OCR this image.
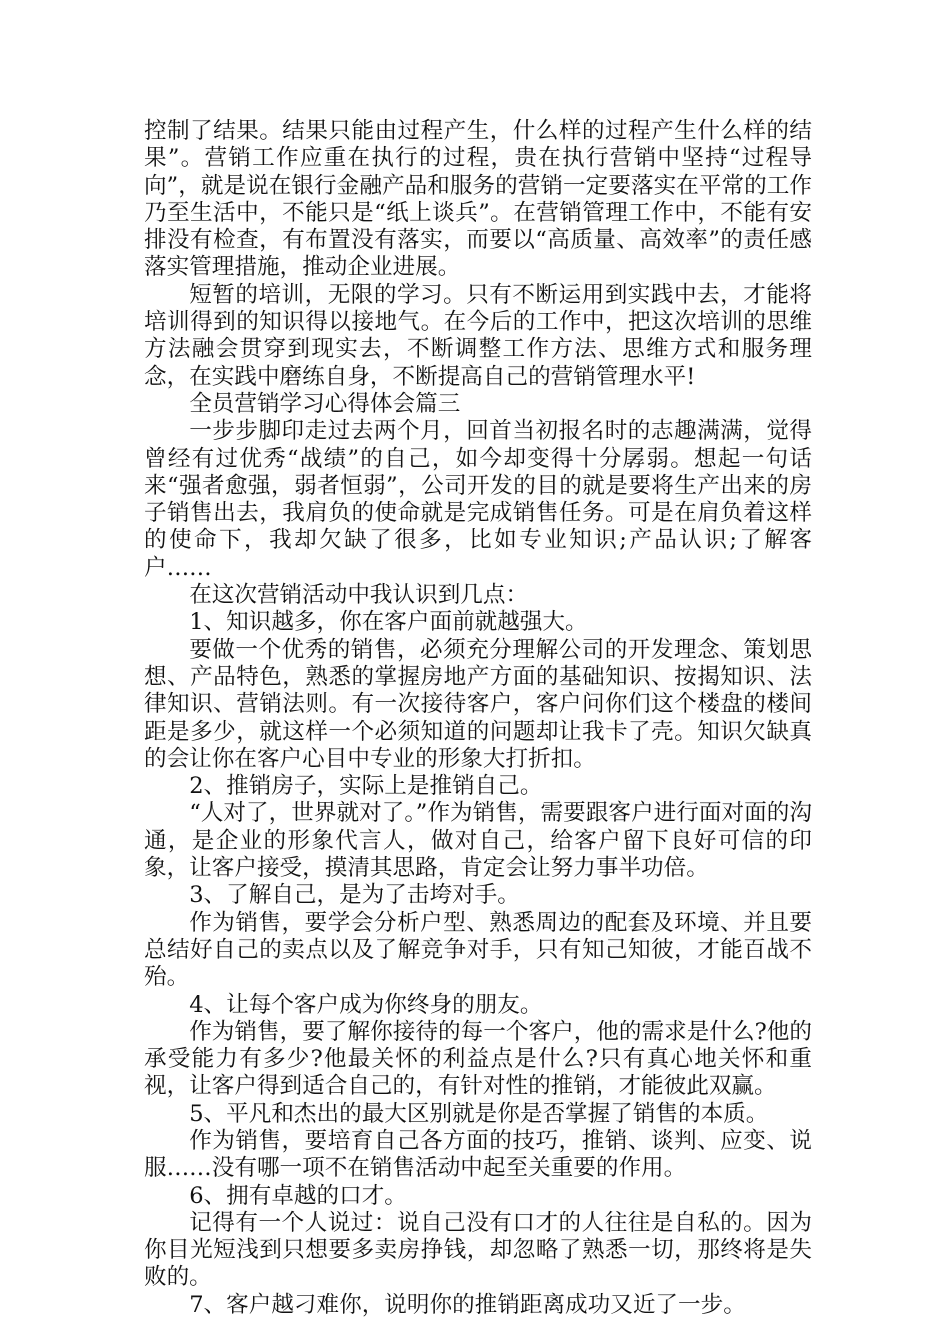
控制了结果。结果只能由过程产生，什么样的过程产生什么样的结果”。营销工作应重在执行的过程，贵在执行营销中坚持“过程导向”，就是说在银行金融产品和服务的营销一定要落实在平常的工作乃至生活中，不能只是“纸上谈兵”。在营销管理工作中，不能有安排没有检查，有布置没有落实，而要以“高质量、高效率”的责任感落实管理措施，推动企业进展。

短暂的培训，无限的学习。只有不断运用到实践中去，才能将培训得到的知识得以接地气。在今后的工作中，把这次培训的思维方法融会贯穿到现实去，不断调整工作方法、思维方式和服务理念，在实践中磨练自身，不断提高自己的营销管理水平!

全员营销学习心得体会篇三

一步步脚印走过去两个月，回首当初报名时的志趣满满，觉得曾经有过优秀“战绩”的自己，如今却变得十分孱弱。想起一句话来“强者愈强，弱者恒弱”，公司开发的目的就是要将生产出来的房子销售出去，我肩负的使命就是完成销售任务。可是在肩负着这样的使命下，我却欠缺了很多，比如专业知识;产品认识;了解客户……

在这次营销活动中我认识到几点：

1、知识越多，你在客户面前就越强大。

要做一个优秀的销售，必须充分理解公司的开发理念、策划思想、产品特色，熟悉的掌握房地产方面的基础知识、按揭知识、法律知识、营销法则。有一次接待客户，客户问你们这个楼盘的楼间距是多少，就这样一个必须知道的问题却让我卡了壳。知识欠缺真的会让你在客户心目中专业的形象大打折扣。

2、推销房子，实际上是推销自己。

“人对了，世界就对了。”作为销售，需要跟客户进行面对面的沟通，是企业的形象代言人，做对自己，给客户留下良好可信的印象，让客户接受，摸清其思路，肯定会让努力事半功倍。

3、了解自己，是为了击垮对手。

作为销售，要学会分析户型、熟悉周边的配套及环境、并且要总结好自己的卖点以及了解竞争对手，只有知己知彼，才能百战不殆。

4、让每个客户成为你终身的朋友。

作为销售，要了解你接待的每一个客户，他的需求是什么?他的承受能力有多少?他最关怀的利益点是什么?只有真心地关怀和重视，让客户得到适合自己的，有针对性的推销，才能彼此双赢。

5、平凡和杰出的最大区别就是你是否掌握了销售的本质。

作为销售，要培育自己各方面的技巧，推销、谈判、应变、说服……没有哪一项不在销售活动中起至关重要的作用。

6、拥有卓越的口才。

记得有一个人说过：说自己没有口才的人往往是自私的。因为你目光短浅到只想要多卖房挣钱，却忽略了熟悉一切，那终将是失败的。

7、客户越刁难你，说明你的推销距离成功又近了一步。
